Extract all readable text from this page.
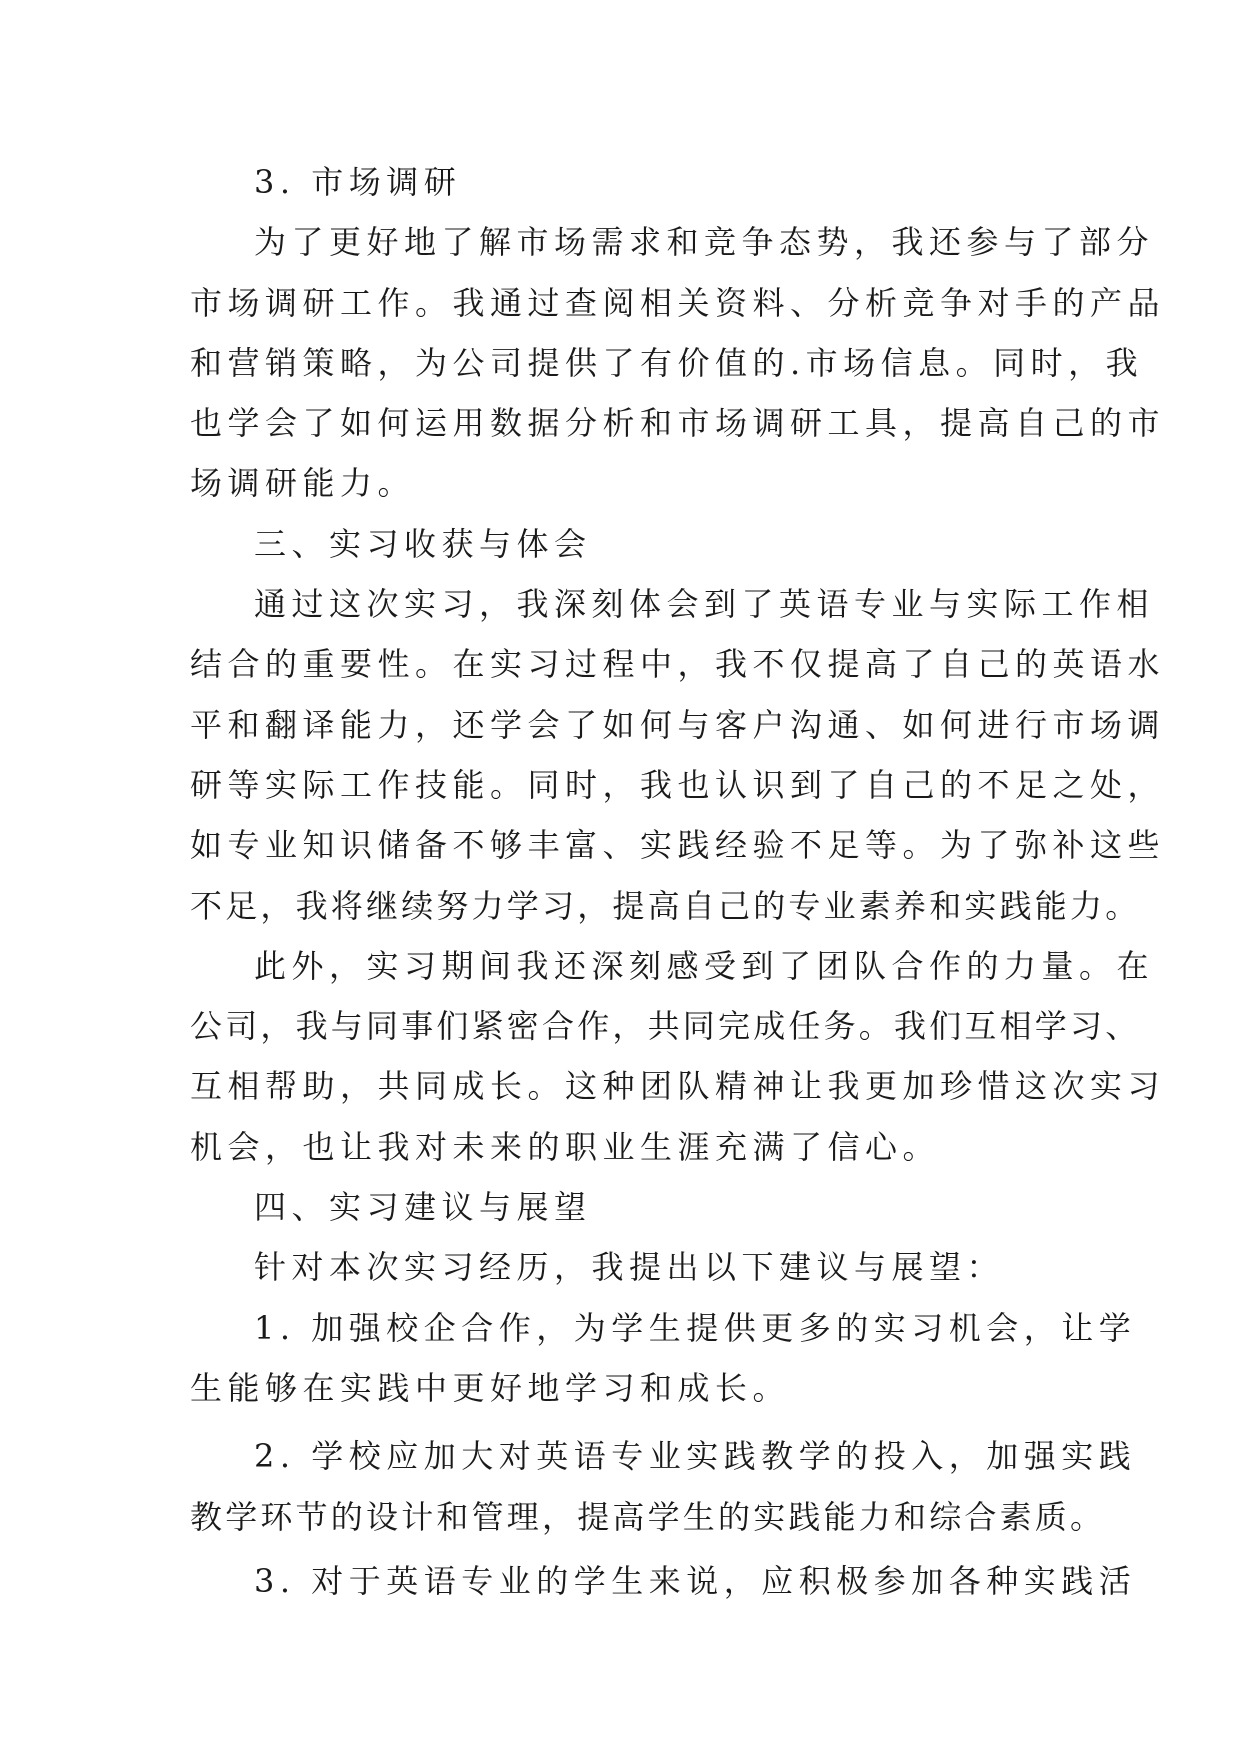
3. 市场调研
为了更好地了解市场需求和竞争态势，我还参与了部分
市场调研工作。我通过查阅相关资料、分析竞争对手的产品
和营销策略，为公司提供了有价值的.市场信息。同时，我
也学会了如何运用数据分析和市场调研工具，提高自己的市
场调研能力。
三、实习收获与体会
通过这次实习，我深刻体会到了英语专业与实际工作相
结合的重要性。在实习过程中，我不仅提高了自己的英语水
平和翻译能力，还学会了如何与客户沟通、如何进行市场调
研等实际工作技能。同时，我也认识到了自己的不足之处，
如专业知识储备不够丰富、实践经验不足等。为了弥补这些
不足，我将继续努力学习，提高自己的专业素养和实践能力。
此外，实习期间我还深刻感受到了团队合作的力量。在
公司，我与同事们紧密合作，共同完成任务。我们互相学习、
互相帮助，共同成长。这种团队精神让我更加珍惜这次实习
机会，也让我对未来的职业生涯充满了信心。
四、实习建议与展望
针对本次实习经历，我提出以下建议与展望：
1. 加强校企合作，为学生提供更多的实习机会，让学
生能够在实践中更好地学习和成长。
2. 学校应加大对英语专业实践教学的投入，加强实践
教学环节的设计和管理，提高学生的实践能力和综合素质。
3. 对于英语专业的学生来说，应积极参加各种实践活
